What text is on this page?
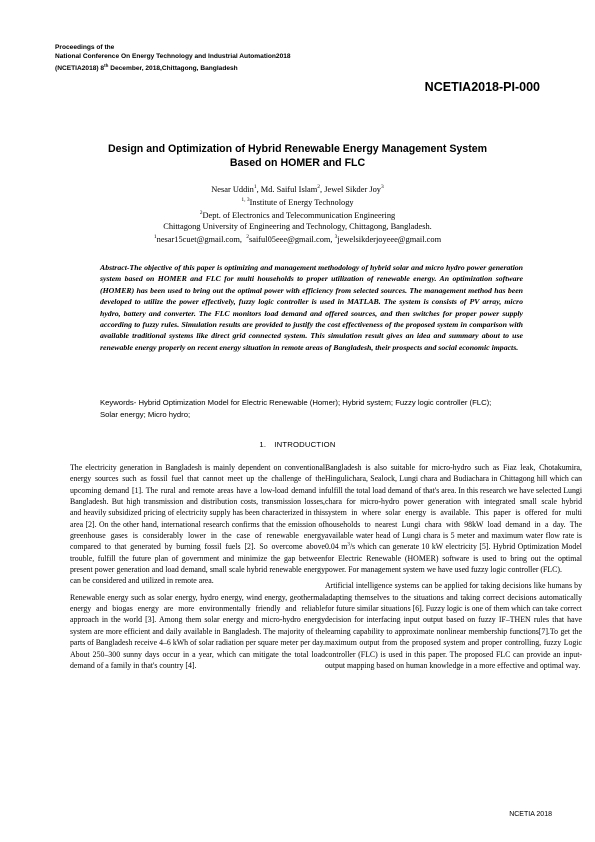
Proceedings of the
National Conference On Energy Technology and Industrial Automation2018
(NCETIA2018) 8th December, 2018,Chittagong, Bangladesh
NCETIA2018-PI-000
Design and Optimization of Hybrid Renewable Energy Management System
Based on HOMER and FLC
Nesar Uddin$^1$, Md. Saiful Islam$^2$, Jewel Sikder Joy$^3$
$^{1, 3}$Institute of Energy Technology
$^2$Dept. of Electronics and Telecommunication Engineering
Chittagong University of Engineering and Technology, Chittagong, Bangladesh.
$^1$nesar15cuet@gmail.com, $^2$saiful05eee@gmail.com, $^3$jewelsikderjoyeee@gmail.com
Abstract-The objective of this paper is optimizing and management methodology of hybrid solar and micro hydro power generation system based on HOMER and FLC for multi households to proper utilization of renewable energy. An optimization software (HOMER) has been used to bring out the optimal power with efficiency from selected sources. The management method has been developed to utilize the power effectively, fuzzy logic controller is used in MATLAB. The system is consists of PV array, micro hydro, battery and converter. The FLC monitors load demand and offered sources, and then switches for proper power supply according to fuzzy rules. Simulation results are provided to justify the cost effectiveness of the proposed system in comparison with available traditional systems like direct grid connected system. This simulation result gives an idea and summary about to use renewable energy properly on recent energy situation in remote areas of Bangladesh, their prospects and social economic impacts.
Keywords- Hybrid Optimization Model for Electric Renewable (Homer); Hybrid system; Fuzzy logic controller (FLC); Solar energy; Micro hydro;
1. INTRODUCTION

The electricity generation in Bangladesh is mainly dependent on conventional energy sources such as fossil fuel that cannot meet up the challenge of the upcoming demand [1]. The rural and remote areas have a low-load demand in Bangladesh. But high transmission and distribution costs, transmission losses, and heavily subsidized pricing of electricity supply has been characterized in this area [2]. On the other hand, international research confirms that the emission of greenhouse gases is considerably lower in the case of renewable energy compared to that generated by burning fossil fuels [2]. So overcome above trouble, fulfill the future plan of government and minimize the gap between present power generation and load demand, small scale hybrid renewable energy can be considered and utilized in remote area.

Renewable energy such as solar energy, hydro energy, wind energy, geothermal energy and biogas energy are more environmentally friendly and reliable approach in the world [3]. Among them solar energy and micro-hydro energy system are more efficient and daily available in Bangladesh. The majority of the parts of Bangladesh receive 4–6 kWh of solar radiation per square meter per day. About 250–300 sunny days occur in a year, which can mitigate the total load demand of a family in that's country [4].

Bangladesh is also suitable for micro-hydro such as Fiaz leak, Chotakumira, Hingulichara, Sealock, Lungi chara and Budiachara in Chittagong hill which can fulfill the total load demand of that's area. In this research we have selected Lungi chara for micro-hydro power generation with integrated small scale hybrid system in where solar energy is available. This paper is offered for multi households to nearest Lungi chara with 98kW load demand in a day. The available water head of Lungi chara is 5 meter and maximum water flow rate is 0.04 $m^3/s$ which can generate 10 kW electricity [5]. Hybrid Optimization Model for Electric Renewable (HOMER) software is used to bring out the optimal power. For management system we have used fuzzy logic controller (FLC).

Artificial intelligence systems can be applied for taking decisions like humans by adapting themselves to the situations and taking correct decisions automatically for future similar situations [6]. Fuzzy logic is one of them which can take correct decision for interfacing input output based on fuzzy IF–THEN rules that have learning capability to approximate nonlinear membership functions[7].To get the maximum output from the proposed system and proper controlling, fuzzy Logic controller (FLC) is used in this paper. The proposed FLC can provide an input-output mapping based on human knowledge in a more effective and optimal way.

NCETIA 2018
